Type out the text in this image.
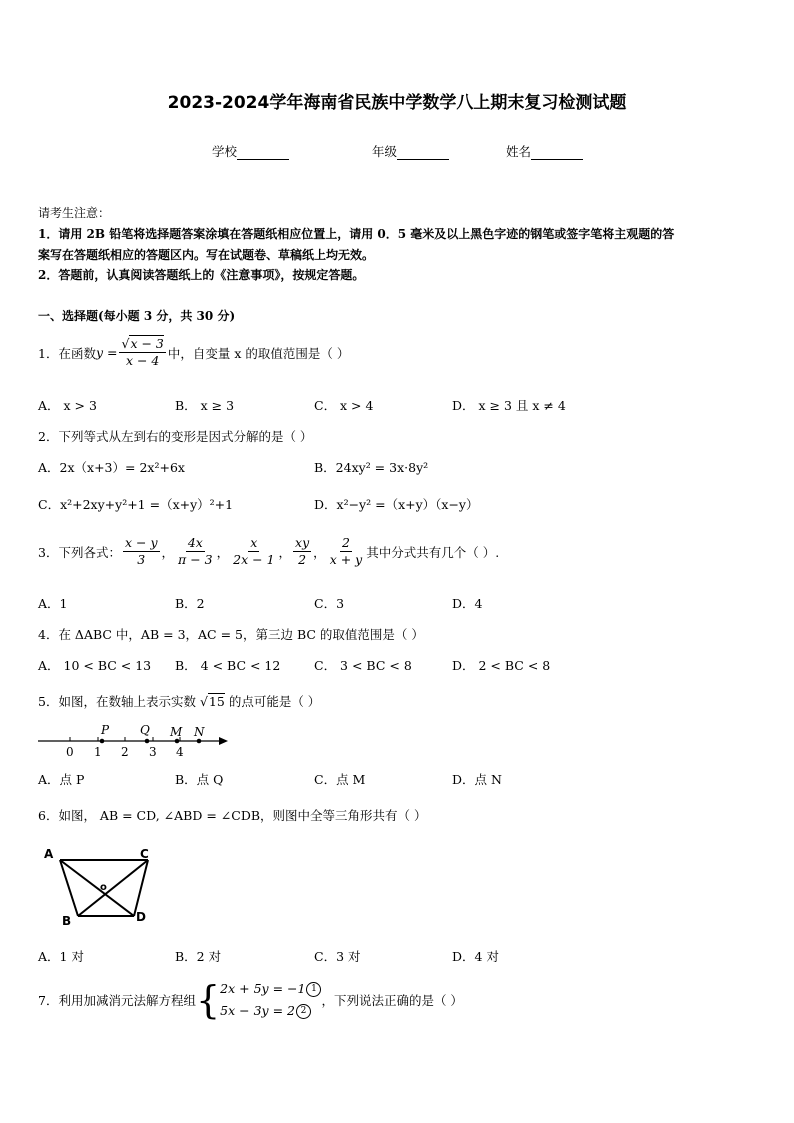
2023-2024学年海南省民族中学数学八上期末复习检测试题
学校	年级	姓名
请考生注意：
1．请用 2B 铅笔将选择题答案涂填在答题纸相应位置上，请用 0．5 毫米及以上黑色字迹的钢笔或签字笔将主观题的答
案写在答题纸相应的答题区内。写在试题卷、草稿纸上均无效。
2．答题前，认真阅读答题纸上的《注意事项》，按规定答题。
一、选择题(每小题 3 分，共 30 分)
1．在函数 $y = \frac{√x - 3}{x - 4}$ 中，自变量 x 的取值范围是（ ）
A． x > 3	B． x ≥ 3	C． x > 4	D． x ≥ 3 且 x ≠ 4
2．下列等式从左到右的变形是因式分解的是（ ）
A．2x（x+3）= 2x²+6x	B．24xy² = 3x·8y²
C．x²+2xy+y²+1 =（x+y）²+1	D．x²−y² =（x+y）（x−y）
3．下列各式： $\frac{x - y}{3}$ ， $\frac{4x}{\pi - 3}$ ， $\frac{x}{2x - 1}$ ， $\frac{xy}{2}$ ， $\frac{2}{x + y}$ 其中分式共有几个（ ）.
A．1	B．2	C．3	D．4
4．在 ΔABC 中，AB = 3，AC = 5，第三边 BC 的取值范围是（ ）
A． 10 < BC < 13 B． 4 < BC < 12	C． 3 < BC < 8	D． 2 < BC < 8
5．如图，在数轴上表示实数 √15 的点可能是（ ）
0 1 2 3 4
P	Q M N
A．点 P	B．点 Q	C．点 M	D．点 N
6．如图， AB = CD, ∠ABD = ∠CDB，则图中全等三角形共有（ ）
A	C
B	D
o
A．1 对	B．2 对	C．3 对	D．4 对
7．利用加减消元法解方程组 { 2x + 5y = −1 1
5x − 3y = 2 2
，下列说法正确的是（ ）
